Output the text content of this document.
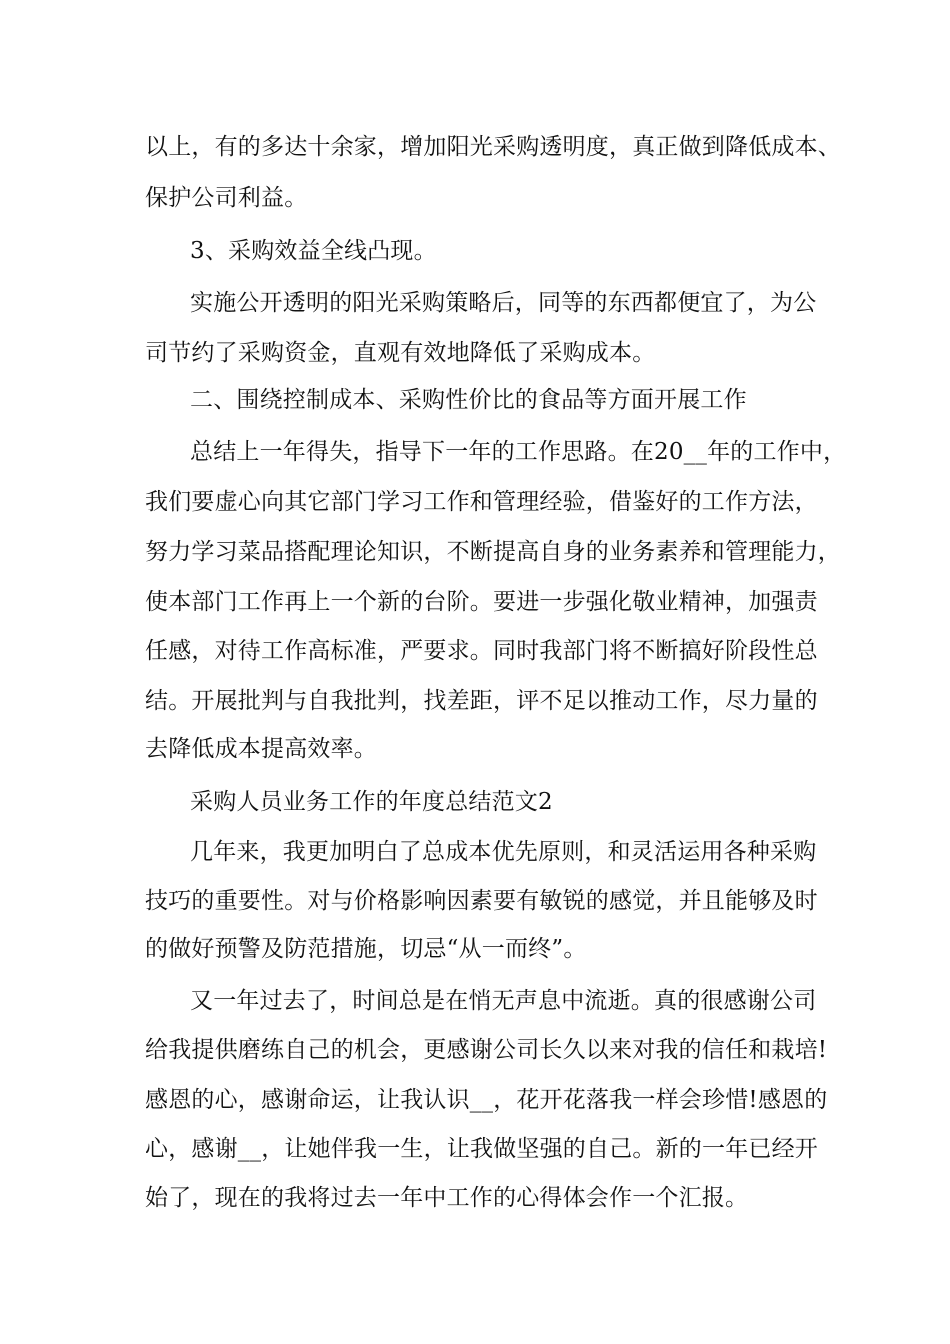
以上，有的多达十余家，增加阳光采购透明度，真正做到降低成本、
保护公司利益。
3、采购效益全线凸现。
实施公开透明的阳光采购策略后，同等的东西都便宜了，为公
司节约了采购资金，直观有效地降低了采购成本。
二、围绕控制成本、采购性价比的食品等方面开展工作
总结上一年得失，指导下一年的工作思路。在20__年的工作中，
我们要虚心向其它部门学习工作和管理经验，借鉴好的工作方法，
努力学习菜品搭配理论知识，不断提高自身的业务素养和管理能力，
使本部门工作再上一个新的台阶。要进一步强化敬业精神，加强责
任感，对待工作高标准，严要求。同时我部门将不断搞好阶段性总
结。开展批判与自我批判，找差距，评不足以推动工作，尽力量的
去降低成本提高效率。
采购人员业务工作的年度总结范文2
几年来，我更加明白了总成本优先原则，和灵活运用各种采购
技巧的重要性。对与价格影响因素要有敏锐的感觉，并且能够及时
的做好预警及防范措施，切忌“从一而终”。
又一年过去了，时间总是在悄无声息中流逝。真的很感谢公司
给我提供磨练自己的机会，更感谢公司长久以来对我的信任和栽培!
感恩的心，感谢命运，让我认识__，花开花落我一样会珍惜!感恩的
心，感谢__，让她伴我一生，让我做坚强的自己。新的一年已经开
始了，现在的我将过去一年中工作的心得体会作一个汇报。
